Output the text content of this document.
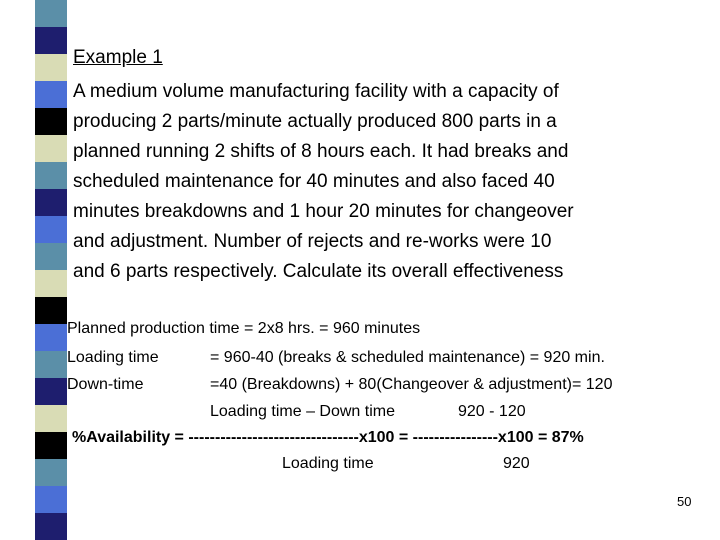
Example 1
A medium volume manufacturing facility with a capacity of
producing 2 parts/minute actually produced 800 parts in a
planned running 2 shifts of 8 hours each. It had breaks and
scheduled maintenance for 40 minutes and also faced 40
minutes breakdowns and 1 hour 20 minutes for changeover
and adjustment. Number of rejects and re-works were 10
and 6 parts respectively. Calculate its overall effectiveness
Planned production time = 2x8 hrs. = 960 minutes
Loading time	= 960-40 (breaks & scheduled maintenance) = 920 min.
Down-time	=40 (Breakdowns) + 80(Changeover & adjustment)= 120
Loading time – Down time	920 - 120
%Availability = --------------------------------x100 = ----------------x100 = 87%
Loading time	920
50
